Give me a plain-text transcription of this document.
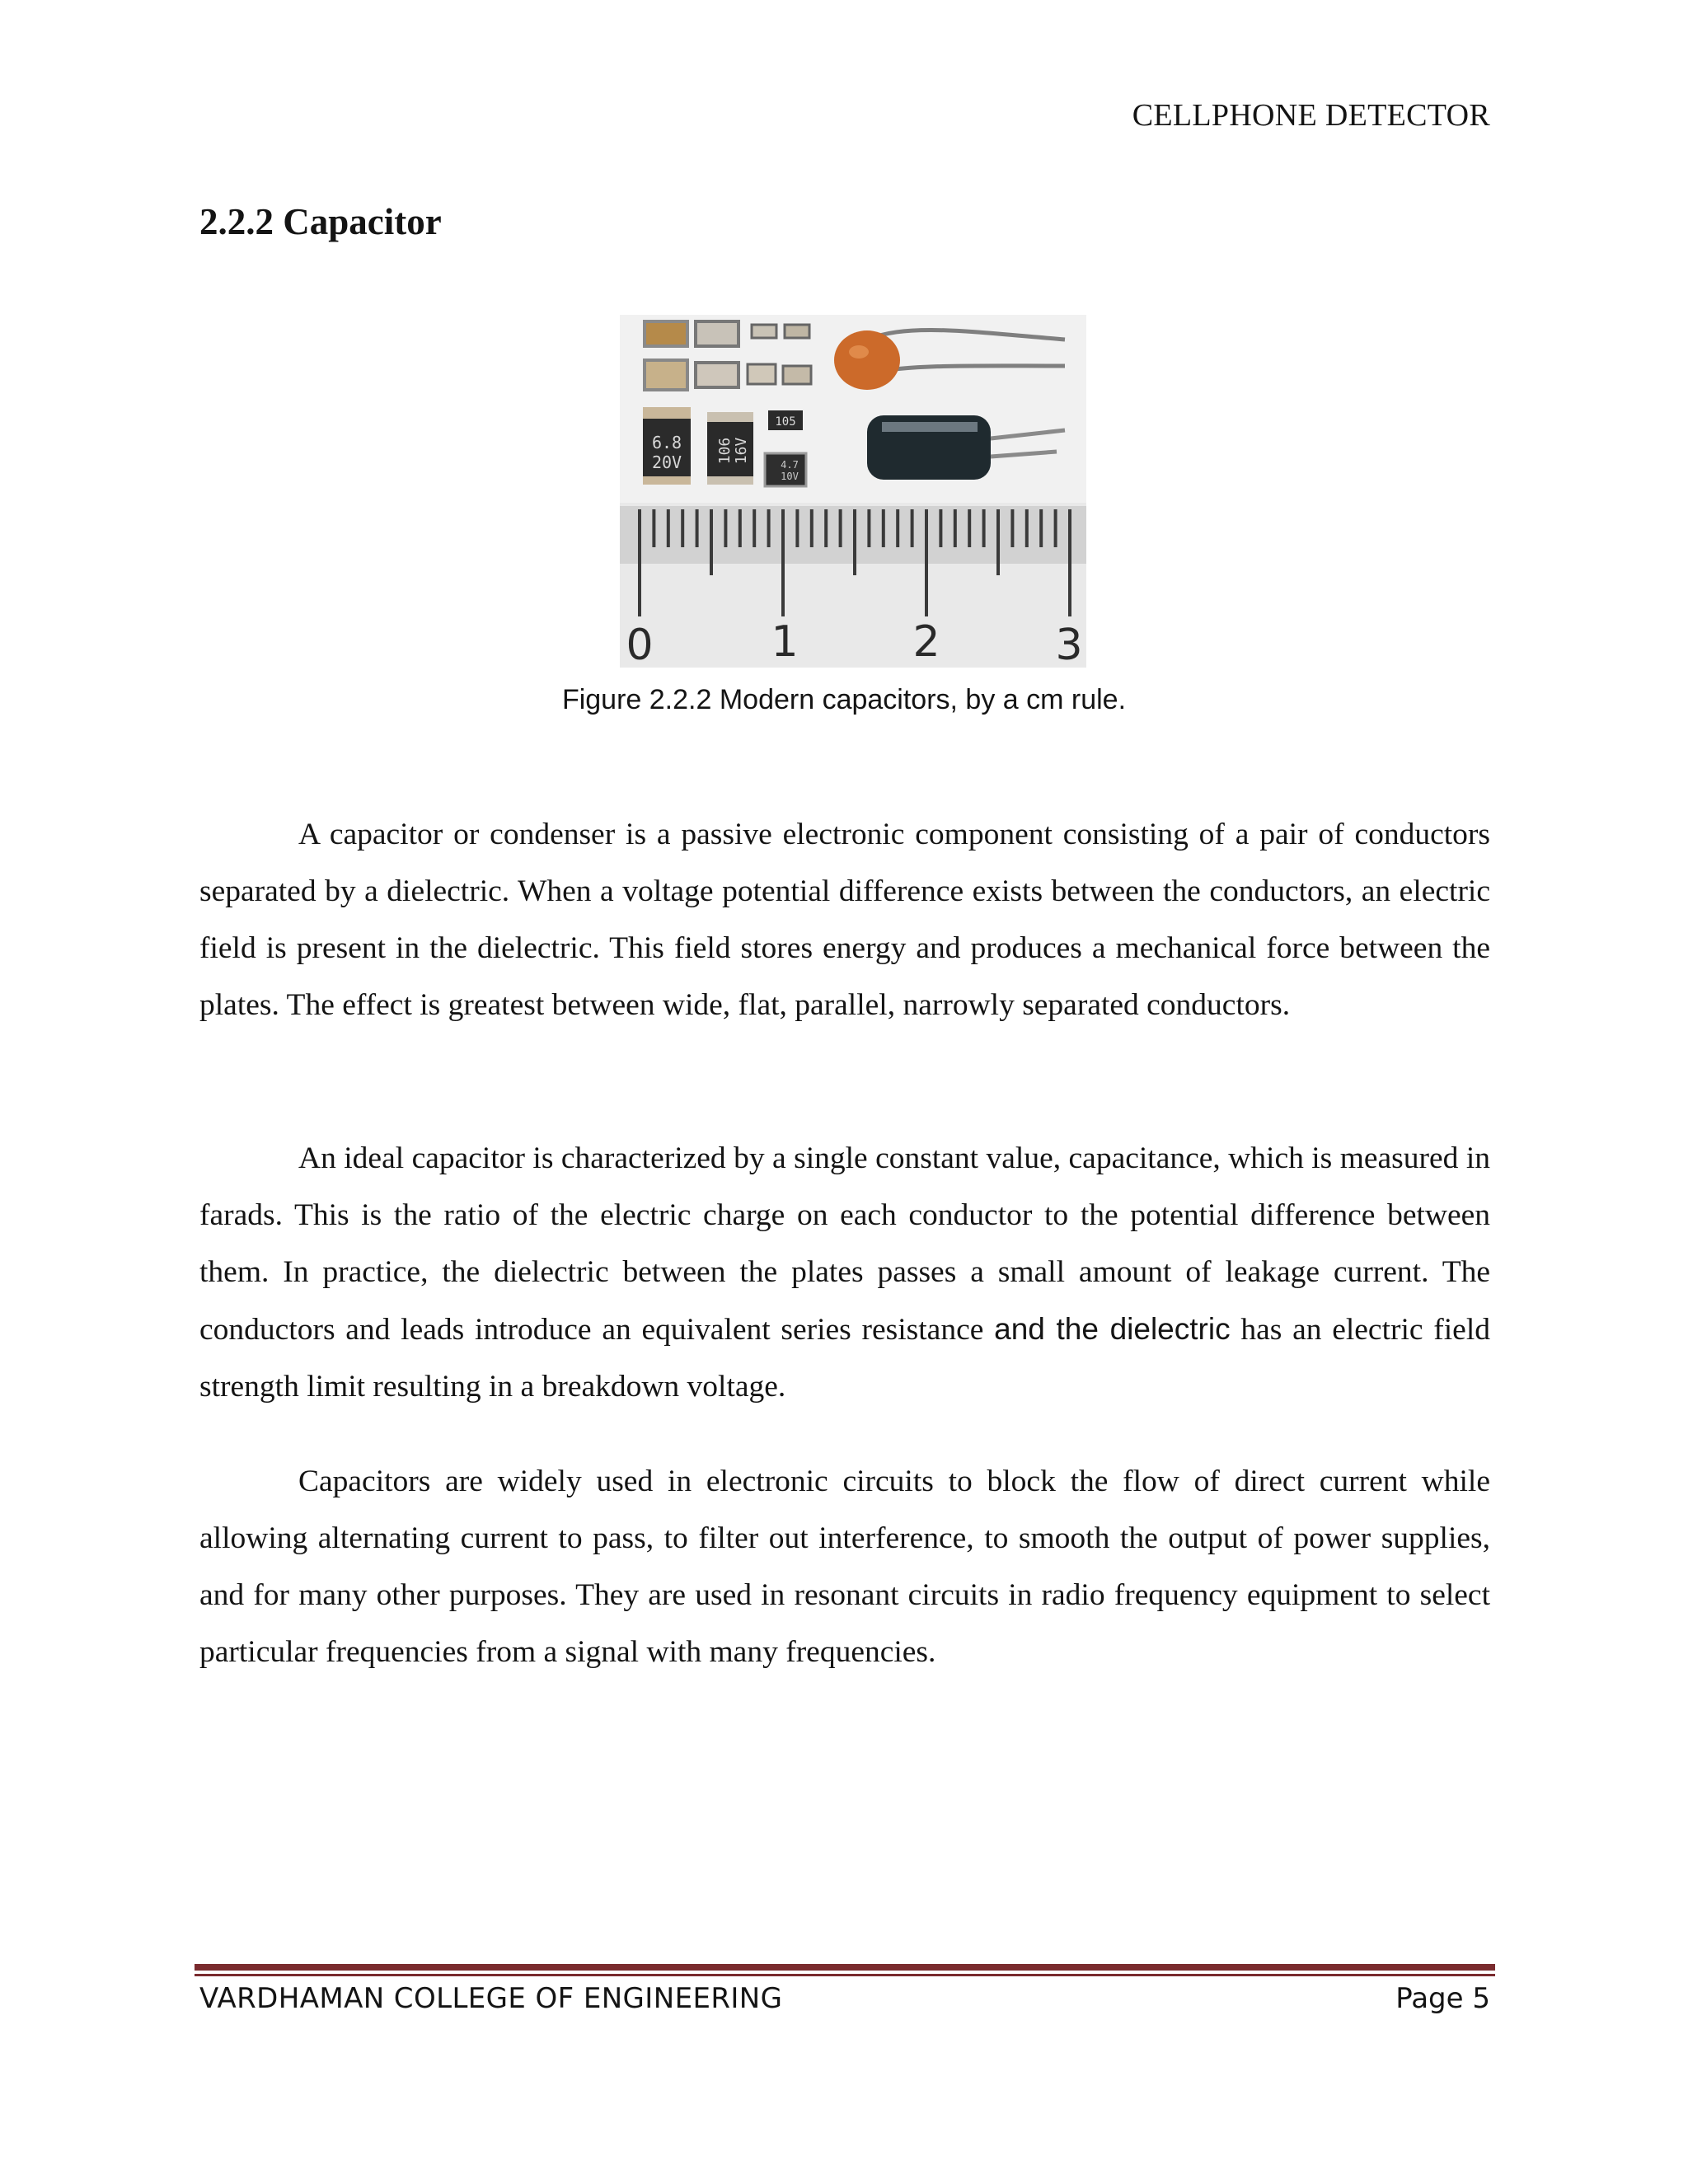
CELLPHONE DETECTOR
2.2.2 Capacitor
6.8
20V 106 16V
105
4.7
10V
0	1	2	3
Figure 2.2.2 Modern capacitors, by a cm rule.

A capacitor or condenser is a passive electronic component consisting of a pair of conductors separated by a dielectric. When a voltage potential difference exists between the conductors, an electric field is present in the dielectric. This field stores energy and produces a mechanical force between the plates. The effect is greatest between wide, flat, parallel, narrowly separated conductors.

An ideal capacitor is characterized by a single constant value, capacitance, which is measured in farads. This is the ratio of the electric charge on each conductor to the potential difference between them. In practice, the dielectric between the plates passes a small amount of leakage current. The conductors and leads introduce an equivalent series resistance and the dielectric has an electric field strength limit resulting in a breakdown voltage.

Capacitors are widely used in electronic circuits to block the flow of direct current while allowing alternating current to pass, to filter out interference, to smooth the output of power supplies, and for many other purposes. They are used in resonant circuits in radio frequency equipment to select particular frequencies from a signal with many frequencies.

VARDHAMAN COLLEGE OF ENGINEERING	Page 5
